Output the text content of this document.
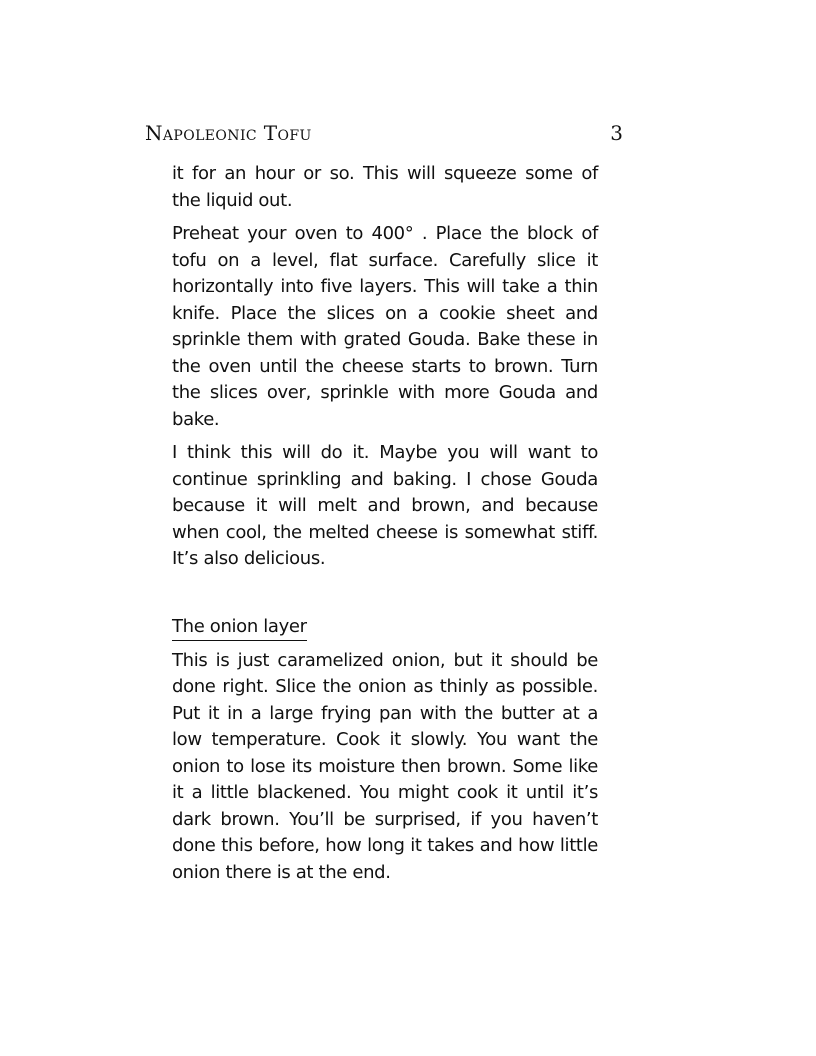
Napoleonic Tofu	3

it for an hour or so. This will squeeze some of the liquid out.

Preheat your oven to 400° . Place the block of tofu on a level, flat surface. Carefully slice it horizontally into five layers. This will take a thin knife. Place the slices on a cookie sheet and sprinkle them with grated Gouda. Bake these in the oven until the cheese starts to brown. Turn the slices over, sprinkle with more Gouda and bake.

I think this will do it. Maybe you will want to continue sprinkling and baking. I chose Gouda because it will melt and brown, and because when cool, the melted cheese is somewhat stiff. It’s also delicious.

The onion layer

This is just caramelized onion, but it should be done right. Slice the onion as thinly as possible. Put it in a large frying pan with the butter at a low temperature. Cook it slowly. You want the onion to lose its moisture then brown. Some like it a little blackened. You might cook it until it’s dark brown. You’ll be surprised, if you haven’t done this before, how long it takes and how little onion there is at the end.
